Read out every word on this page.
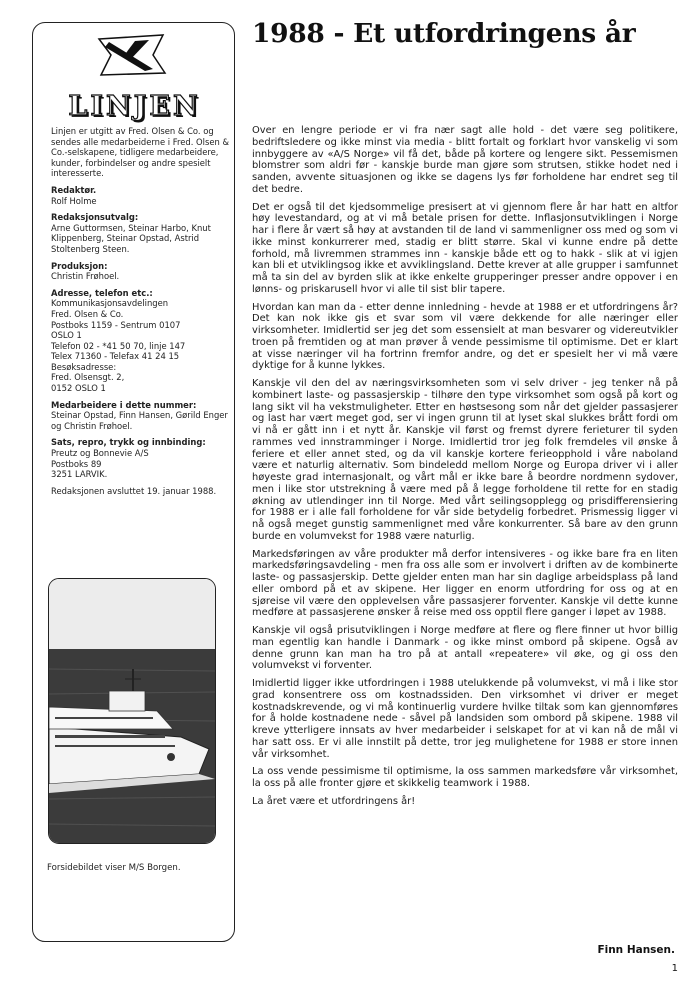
LINJEN

Linjen er utgitt av Fred. Olsen & Co. og sendes alle medarbeiderne i Fred. Olsen & Co.-selskapene, tidligere medarbeidere, kunder, forbindelser og andre spesielt interesserte.

Redaktør.
Rolf Holme

Redaksjonsutvalg:
Arne Guttormsen, Steinar Harbo, Knut Klippenberg, Steinar Opstad, Astrid Stoltenberg Steen.

Produksjon:
Christin Frøhoel.

Adresse, telefon etc.:
Kommunikasjonsavdelingen
Fred. Olsen & Co.
Postboks 1159 - Sentrum 0107
OSLO 1
Telefon 02 - *41 50 70, linje 147
Telex 71360 - Telefax 41 24 15
Besøksadresse:
Fred. Olsensgt. 2,
0152 OSLO 1

Medarbeidere i dette nummer:
Steinar Opstad, Finn Hansen, Gørild Enger og Christin Frøhoel.

Sats, repro, trykk og innbinding:
Preutz og Bonnevie A/S
Postboks 89
3251 LARVIK.

Redaksjonen avsluttet 19. januar 1988.

Forsidebildet viser M/S Borgen.
1988 - Et utfordringens år

Over en lengre periode er vi fra nær sagt alle hold - det være seg politikere, bedriftsledere og ikke minst via media - blitt fortalt og forklart hvor vanskelig vi som innbyggere av «A/S Norge» vil få det, både på kortere og lengere sikt. Pessemismen blomstrer som aldri før - kanskje burde man gjøre som strutsen, stikke hodet ned i sanden, avvente situasjonen og ikke se dagens lys før forholdene har endret seg til det bedre.

Det er også til det kjedsommelige presisert at vi gjennom flere år har hatt en altfor høy levestandard, og at vi må betale prisen for dette. Inflasjonsutviklingen i Norge har i flere år vært så høy at avstanden til de land vi sammenligner oss med og som vi ikke minst konkurrerer med, stadig er blitt større. Skal vi kunne endre på dette forhold, må livremmen strammes inn - kanskje både ett og to hakk - slik at vi igjen kan bli et utviklingsog ikke et avviklingsland. Dette krever at alle grupper i samfunnet må ta sin del av byrden slik at ikke enkelte grupperinger presser andre oppover i en lønns- og priskarusell hvor vi alle til sist blir tapere.

Hvordan kan man da - etter denne innledning - hevde at 1988 er et utfordringens år? Det kan nok ikke gis et svar som vil være dekkende for alle næringer eller virksomheter. Imidlertid ser jeg det som essensielt at man besvarer og videreutvikler troen på fremtiden og at man prøver å vende pessimisme til optimisme. Det er klart at visse næringer vil ha fortrinn fremfor andre, og det er spesielt her vi må være dyktige for å kunne lykkes.

Kanskje vil den del av næringsvirksomheten som vi selv driver - jeg tenker nå på kombinert laste- og passasjerskip - tilhøre den type virksomhet som også på kort og lang sikt vil ha vekstmuligheter. Etter en høstsesong som når det gjelder passasjerer og last har vært meget god, ser vi ingen grunn til at lyset skal slukkes brått fordi om vi nå er gått inn i et nytt år. Kanskje vil først og fremst dyrere ferieturer til syden rammes ved innstramminger i Norge. Imidlertid tror jeg folk fremdeles vil ønske å feriere et eller annet sted, og da vil kanskje kortere ferieopphold i våre naboland være et naturlig alternativ. Som bindeledd mellom Norge og Europa driver vi i aller høyeste grad internasjonalt, og vårt mål er ikke bare å beordre nordmenn sydover, men i like stor utstrekning å være med på å legge forholdene til rette for en stadig økning av utlendinger inn til Norge. Med vårt seilingsopplegg og prisdifferensiering for 1988 er i alle fall forholdene for vår side betydelig forbedret. Prismessig ligger vi nå også meget gunstig sammenlignet med våre konkurrenter. Så bare av den grunn burde en volumvekst for 1988 være naturlig.

Markedsføringen av våre produkter må derfor intensiveres - og ikke bare fra en liten markedsføringsavdeling - men fra oss alle som er involvert i driften av de kombinerte laste- og passasjerskip. Dette gjelder enten man har sin daglige arbeidsplass på land eller ombord på et av skipene. Her ligger en enorm utfordring for oss og at en sjøreise vil være den opplevelsen våre passasjerer forventer. Kanskje vil dette kunne medføre at passasjerene ønsker å reise med oss opptil flere ganger i løpet av 1988.

Kanskje vil også prisutviklingen i Norge medføre at flere og flere finner ut hvor billig man egentlig kan handle i Danmark - og ikke minst ombord på skipene. Også av denne grunn kan man ha tro på at antall «repeatere» vil øke, og gi oss den volumvekst vi forventer.

Imidlertid ligger ikke utfordringen i 1988 utelukkende på volumvekst, vi må i like stor grad konsentrere oss om kostnadssiden. Den virksomhet vi driver er meget kostnadskrevende, og vi må kontinuerlig vurdere hvilke tiltak som kan gjennomføres for å holde kostnadene nede - såvel på landsiden som ombord på skipene. 1988 vil kreve ytterligere innsats av hver medarbeider i selskapet for at vi kan nå de mål vi har satt oss. Er vi alle innstilt på dette, tror jeg mulighetene for 1988 er store innen vår virksomhet.

La oss vende pessimisme til optimisme, la oss sammen markedsføre vår virksomhet, la oss på alle fronter gjøre et skikkelig teamwork i 1988.

La året være et utfordringens år!

Finn Hansen.
1
